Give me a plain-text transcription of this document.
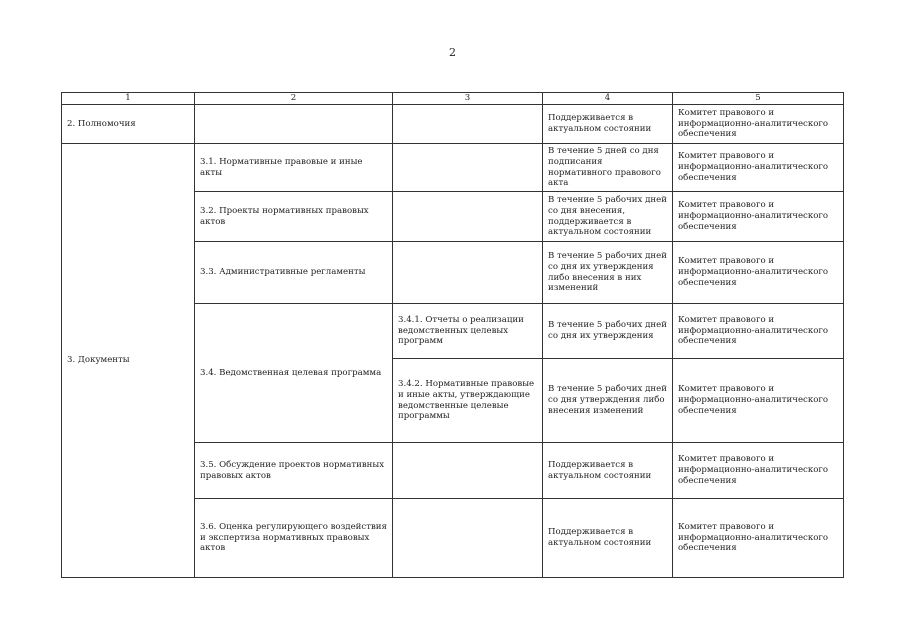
2
1	2	3	4	5
2. Полномочия			Поддерживается в актуальном состоянии	Комитет правового и информационно-аналитического обеспечения
3. Документы	3.1. Нормативные правовые и иные акты		В течение 5 дней со дня подписания нормативного правового акта	Комитет правового и информационно-аналитического обеспечения
	3.2. Проекты нормативных правовых актов		В течение 5 рабочих дней со дня внесения, поддерживается в актуальном состоянии	Комитет правового и информационно-аналитического обеспечения
	3.3. Административные регламенты		В течение 5 рабочих дней со дня их утверждения либо внесения в них изменений	Комитет правового и информационно-аналитического обеспечения
	3.4. Ведомственная целевая программа	3.4.1. Отчеты о реализации ведомственных целевых программ	В течение 5 рабочих дней со дня их утверждения	Комитет правового и информационно-аналитического обеспечения
		3.4.2. Нормативные правовые и иные акты, утверждающие ведомственные целевые программы	В течение 5 рабочих дней со дня утверждения либо внесения изменений	Комитет правового и информационно-аналитического обеспечения
	3.5. Обсуждение проектов нормативных правовых актов		Поддерживается в актуальном состоянии	Комитет правового и информационно-аналитического обеспечения
	3.6. Оценка регулирующего воздействия и экспертиза нормативных правовых актов		Поддерживается в актуальном состоянии	Комитет правового и информационно-аналитического обеспечения
